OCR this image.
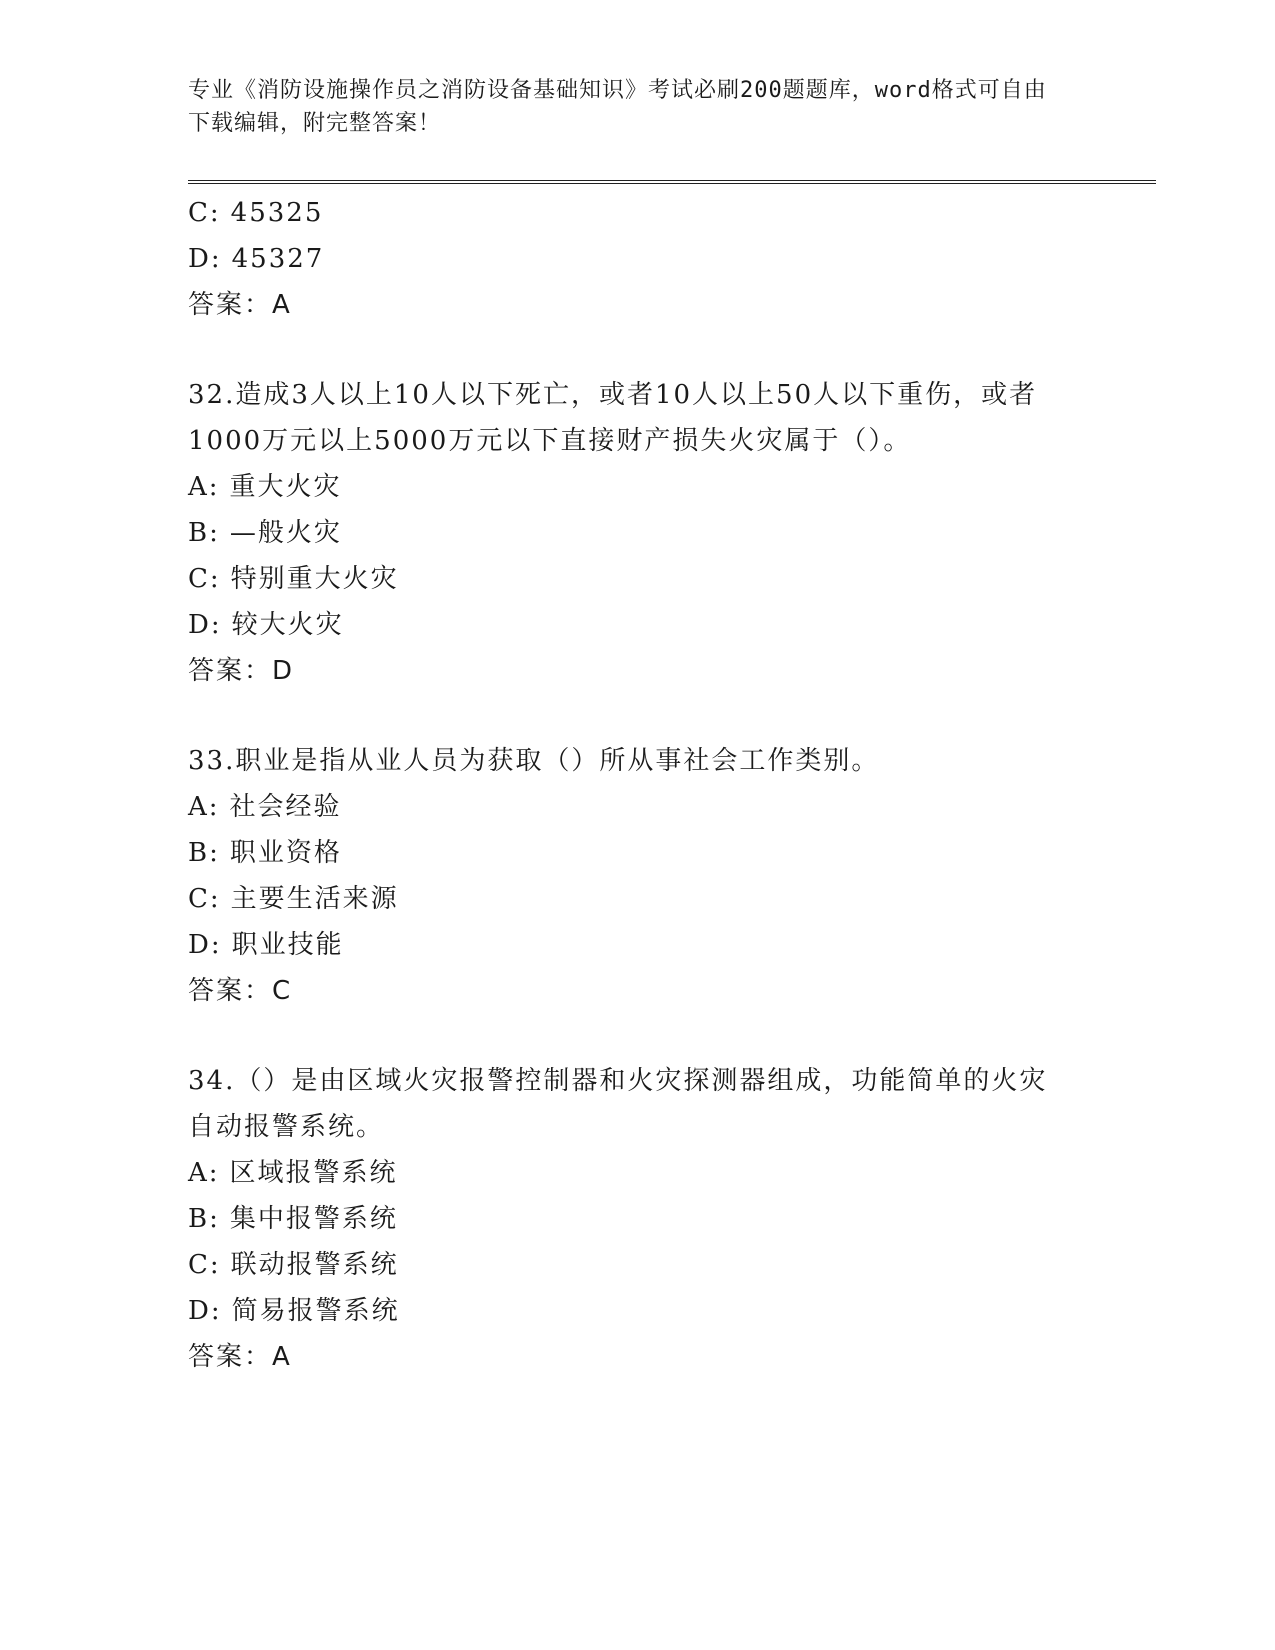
专业《消防设施操作员之消防设备基础知识》考试必刷200题题库，word格式可自由下载编辑，附完整答案！
C: 45325
D: 45327
答案：A
32.造成3人以上10人以下死亡，或者10人以上50人以下重伤，或者1000万元以上5000万元以下直接财产损失火灾属于（）。
A: 重大火灾
B: —般火灾
C: 特别重大火灾
D: 较大火灾
答案：D
33.职业是指从业人员为获取（）所从事社会工作类别。
A: 社会经验
B: 职业资格
C: 主要生活来源
D: 职业技能
答案：C
34.（）是由区域火灾报警控制器和火灾探测器组成，功能简单的火灾自动报警系统。
A: 区域报警系统
B: 集中报警系统
C: 联动报警系统
D: 简易报警系统
答案：A
